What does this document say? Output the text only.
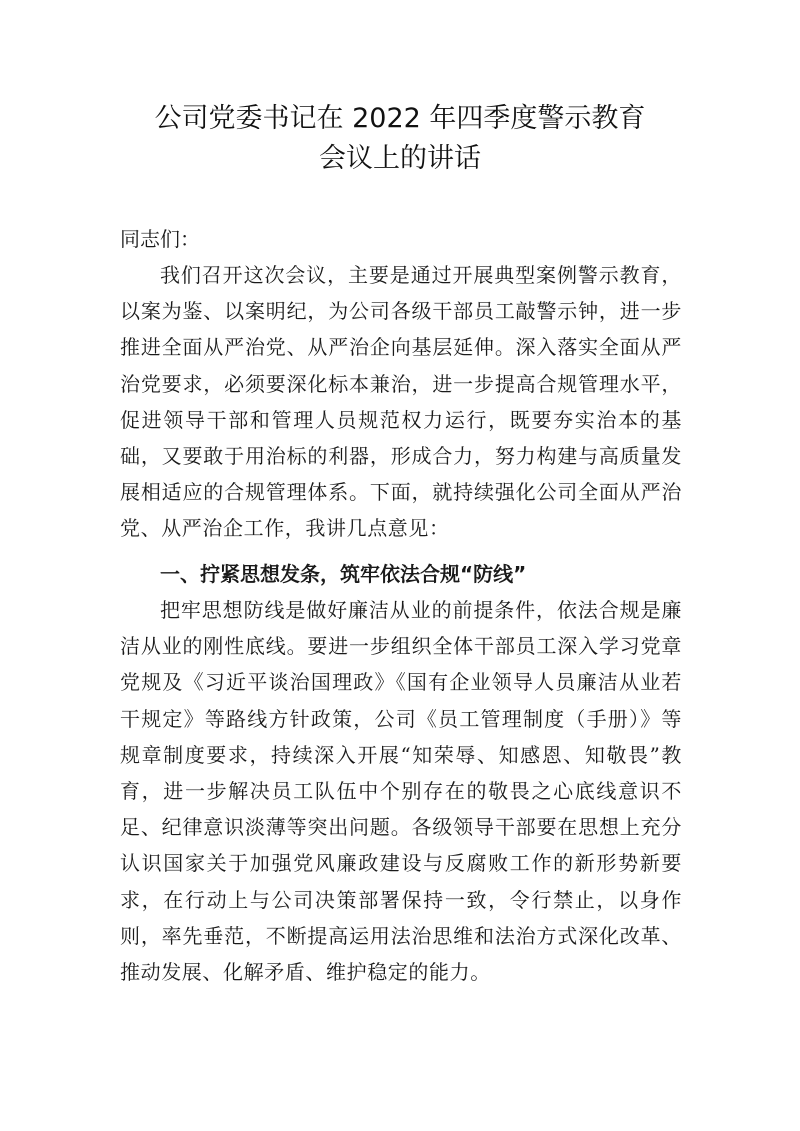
公司党委书记在 2022 年四季度警示教育
会议上的讲话
同志们：

我们召开这次会议，主要是通过开展典型案例警示教育，以案为鉴、以案明纪，为公司各级干部员工敲警示钟，进一步推进全面从严治党、从严治企向基层延伸。深入落实全面从严治党要求，必须要深化标本兼治，进一步提高合规管理水平，促进领导干部和管理人员规范权力运行，既要夯实治本的基础，又要敢于用治标的利器，形成合力，努力构建与高质量发展相适应的合规管理体系。下面，就持续强化公司全面从严治党、从严治企工作，我讲几点意见：

一、拧紧思想发条，筑牢依法合规“防线”

把牢思想防线是做好廉洁从业的前提条件，依法合规是廉洁从业的刚性底线。要进一步组织全体干部员工深入学习党章党规及《习近平谈治国理政》《国有企业领导人员廉洁从业若干规定》等路线方针政策，公司《员工管理制度（手册）》等规章制度要求，持续深入开展“知荣辱、知感恩、知敬畏”教育，进一步解决员工队伍中个别存在的敬畏之心底线意识不足、纪律意识淡薄等突出问题。各级领导干部要在思想上充分认识国家关于加强党风廉政建设与反腐败工作的新形势新要求，在行动上与公司决策部署保持一致，令行禁止，以身作则，率先垂范，不断提高运用法治思维和法治方式深化改革、推动发展、化解矛盾、维护稳定的能力。
